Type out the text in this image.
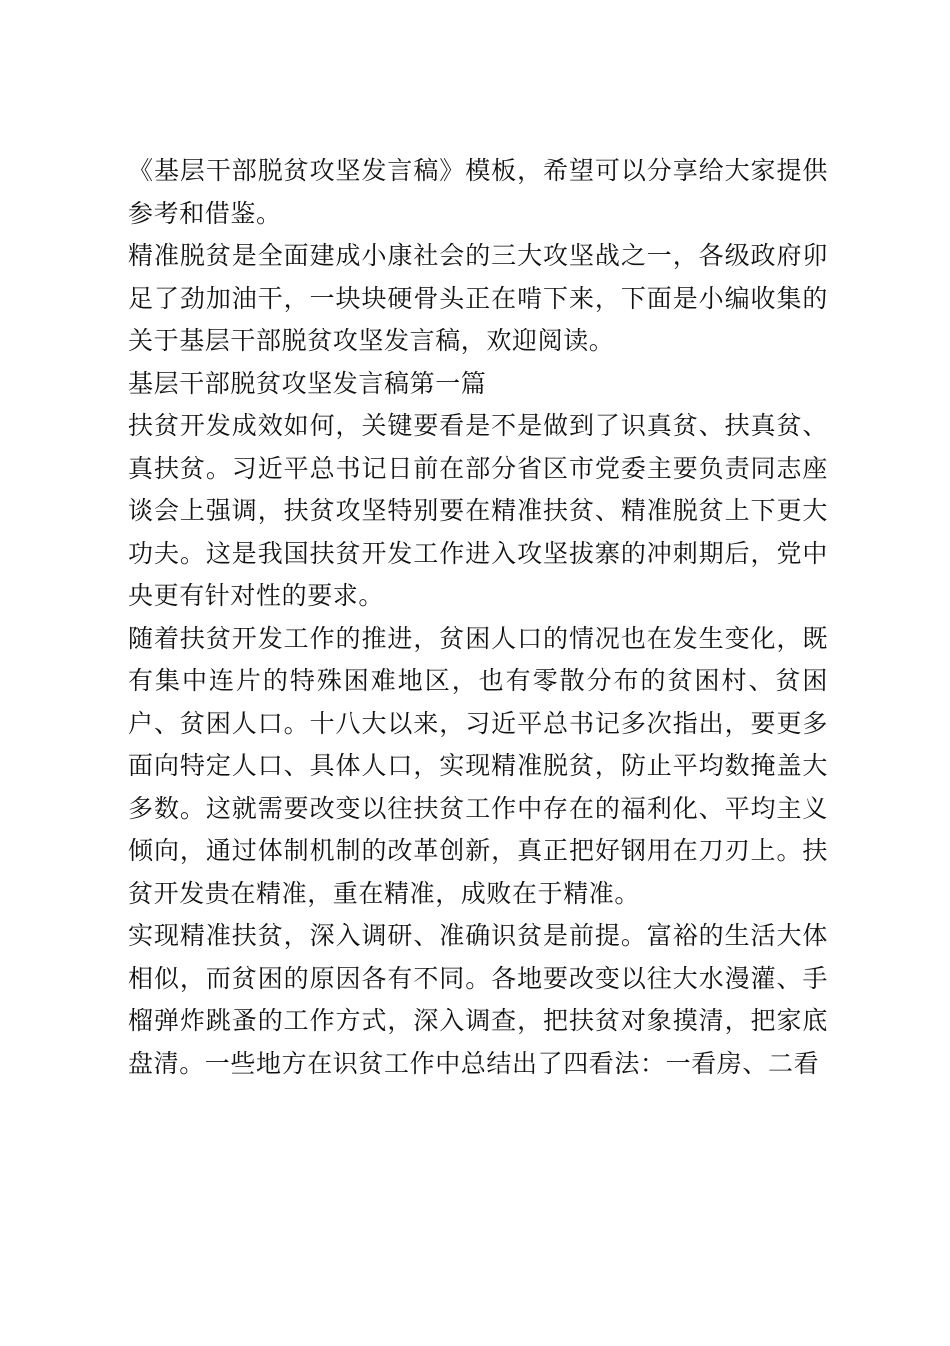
《基层干部脱贫攻坚发言稿》模板，希望可以分享给大家提供参考和借鉴。

精准脱贫是全面建成小康社会的三大攻坚战之一，各级政府卯足了劲加油干，一块块硬骨头正在啃下来，下面是小编收集的关于基层干部脱贫攻坚发言稿，欢迎阅读。

基层干部脱贫攻坚发言稿第一篇

扶贫开发成效如何，关键要看是不是做到了识真贫、扶真贫、真扶贫。习近平总书记日前在部分省区市党委主要负责同志座谈会上强调，扶贫攻坚特别要在精准扶贫、精准脱贫上下更大功夫。这是我国扶贫开发工作进入攻坚拔寨的冲刺期后，党中央更有针对性的要求。

随着扶贫开发工作的推进，贫困人口的情况也在发生变化，既有集中连片的特殊困难地区，也有零散分布的贫困村、贫困户、贫困人口。十八大以来，习近平总书记多次指出，要更多面向特定人口、具体人口，实现精准脱贫，防止平均数掩盖大多数。这就需要改变以往扶贫工作中存在的福利化、平均主义倾向，通过体制机制的改革创新，真正把好钢用在刀刃上。扶贫开发贵在精准，重在精准，成败在于精准。

实现精准扶贫，深入调研、准确识贫是前提。富裕的生活大体相似，而贫困的原因各有不同。各地要改变以往大水漫灌、手榴弹炸跳蚤的工作方式，深入调查，把扶贫对象摸清，把家底盘清。一些地方在识贫工作中总结出了四看法：一看房、二看
